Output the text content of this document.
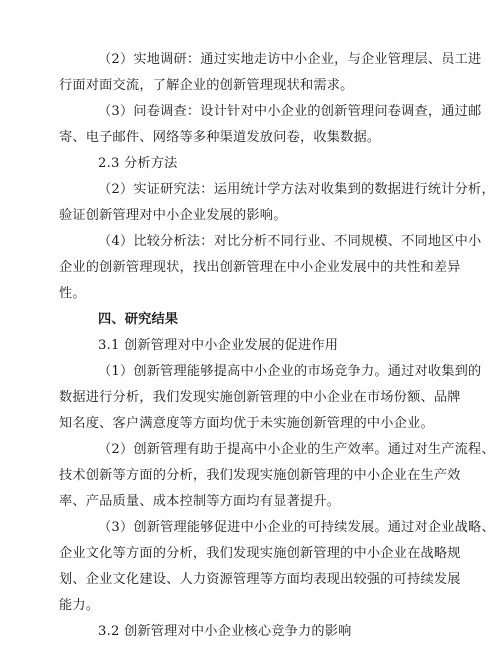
（2）实地调研：通过实地走访中小企业，与企业管理层、员工进
行面对面交流，了解企业的创新管理现状和需求。
（3）问卷调查：设计针对中小企业的创新管理问卷调查，通过邮
寄、电子邮件、网络等多种渠道发放问卷，收集数据。
2.3 分析方法
（2）实证研究法：运用统计学方法对收集到的数据进行统计分析，
验证创新管理对中小企业发展的影响。
（4）比较分析法：对比分析不同行业、不同规模、不同地区中小
企业的创新管理现状，找出创新管理在中小企业发展中的共性和差异
性。
四、研究结果
3.1 创新管理对中小企业发展的促进作用
（1）创新管理能够提高中小企业的市场竞争力。通过对收集到的
数据进行分析，我们发现实施创新管理的中小企业在市场份额、品牌
知名度、客户满意度等方面均优于未实施创新管理的中小企业。
（2）创新管理有助于提高中小企业的生产效率。通过对生产流程、
技术创新等方面的分析，我们发现实施创新管理的中小企业在生产效
率、产品质量、成本控制等方面均有显著提升。
（3）创新管理能够促进中小企业的可持续发展。通过对企业战略、
企业文化等方面的分析，我们发现实施创新管理的中小企业在战略规
划、企业文化建设、人力资源管理等方面均表现出较强的可持续发展
能力。
3.2 创新管理对中小企业核心竞争力的影响
